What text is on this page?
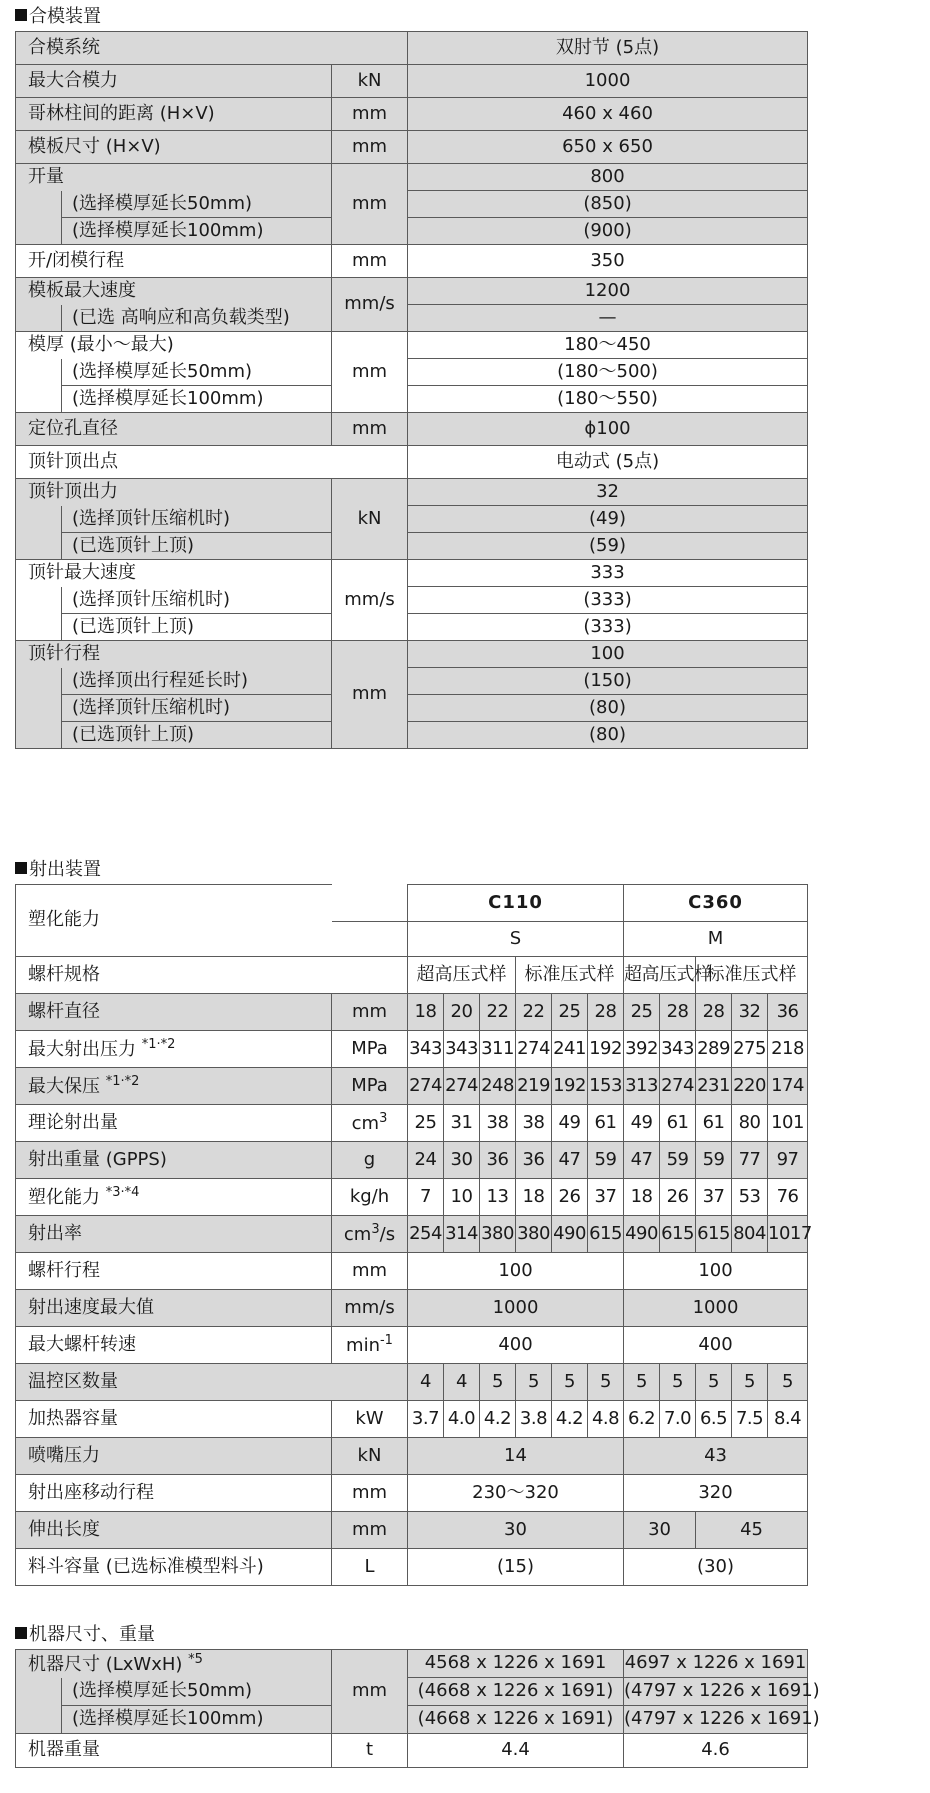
合模装置
合模系统			双肘节 (5点)
最大合模力		kN	1000
哥林柱间的距离 (H×V)		mm	460 x 460
模板尺寸 (H×V)		mm	650 x 650
开量		mm	800
	(选择模厚延长50mm)		(850)
	(选择模厚延长100mm)		(900)
开/闭模行程		mm	350
模板最大速度		mm/s	1200
	(已选 高响应和高负载类型)		—
模厚 (最小～最大)		mm	180～450
	(选择模厚延长50mm)		(180～500)
	(选择模厚延长100mm)		(180～550)
定位孔直径		mm	ϕ100
顶针顶出点			电动式 (5点)
顶针顶出力		kN	32
	(选择顶针压缩机时)		(49)
	(已选顶针上顶)		(59)
顶针最大速度		mm/s	333
	(选择顶针压缩机时)		(333)
	(已选顶针上顶)		(333)
顶针行程		mm	100
	(选择顶出行程延长时)		(150)
	(选择顶针压缩机时)		(80)
	(已选顶针上顶)		(80)
射出装置
塑化能力		C110						C360				
		S						M				
螺杆规格		超高压式样			标准压式样			超高压式样		标准压式样		
螺杆直径	mm	18	20	22	22	25	28	25	28	28	32	36
最大射出压力 $^{*1\cdot*2}$	MPa	343	343	311	274	241	192	392	343	289	275	218
最大保压 $^{*1\cdot*2}$	MPa	274	274	248	219	192	153	313	274	231	220	174
理论射出量	$cm^3$	25	31	38	38	49	61	49	61	61	80	101
射出重量 (GPPS)	g	24	30	36	36	47	59	47	59	59	77	97
塑化能力 $^{*3\cdot*4}$	kg/h	7	10	13	18	26	37	18	26	37	53	76
射出率	$cm^3/s$	254	314	380	380	490	615	490	615	615	804	1017
螺杆行程	mm	100						100				
射出速度最大值	mm/s	1000						1000				
最大螺杆转速	$\min^{-1}$	400						400				
温控区数量		4	4	5	5	5	5	5	5	5	5	5
加热器容量	kW	3.7	4.0	4.2	3.8	4.2	4.8	6.2	7.0	6.5	7.5	8.4
喷嘴压力	kN	14						43				
射出座移动行程	mm	230～320						320				
伸出长度	mm	30						30		45		
料斗容量 (已选标准模型料斗)	L	(15)						(30)				
机器尺寸、重量
机器尺寸 (LxWxH) $^{*5}$		mm	4568 x 1226 x 1691	4697 x 1226 x 1691
	(选择模厚延长50mm)		(4668 x 1226 x 1691)	(4797 x 1226 x 1691)
	(选择模厚延长100mm)		(4668 x 1226 x 1691)	(4797 x 1226 x 1691)
机器重量		t	4.4	4.6
